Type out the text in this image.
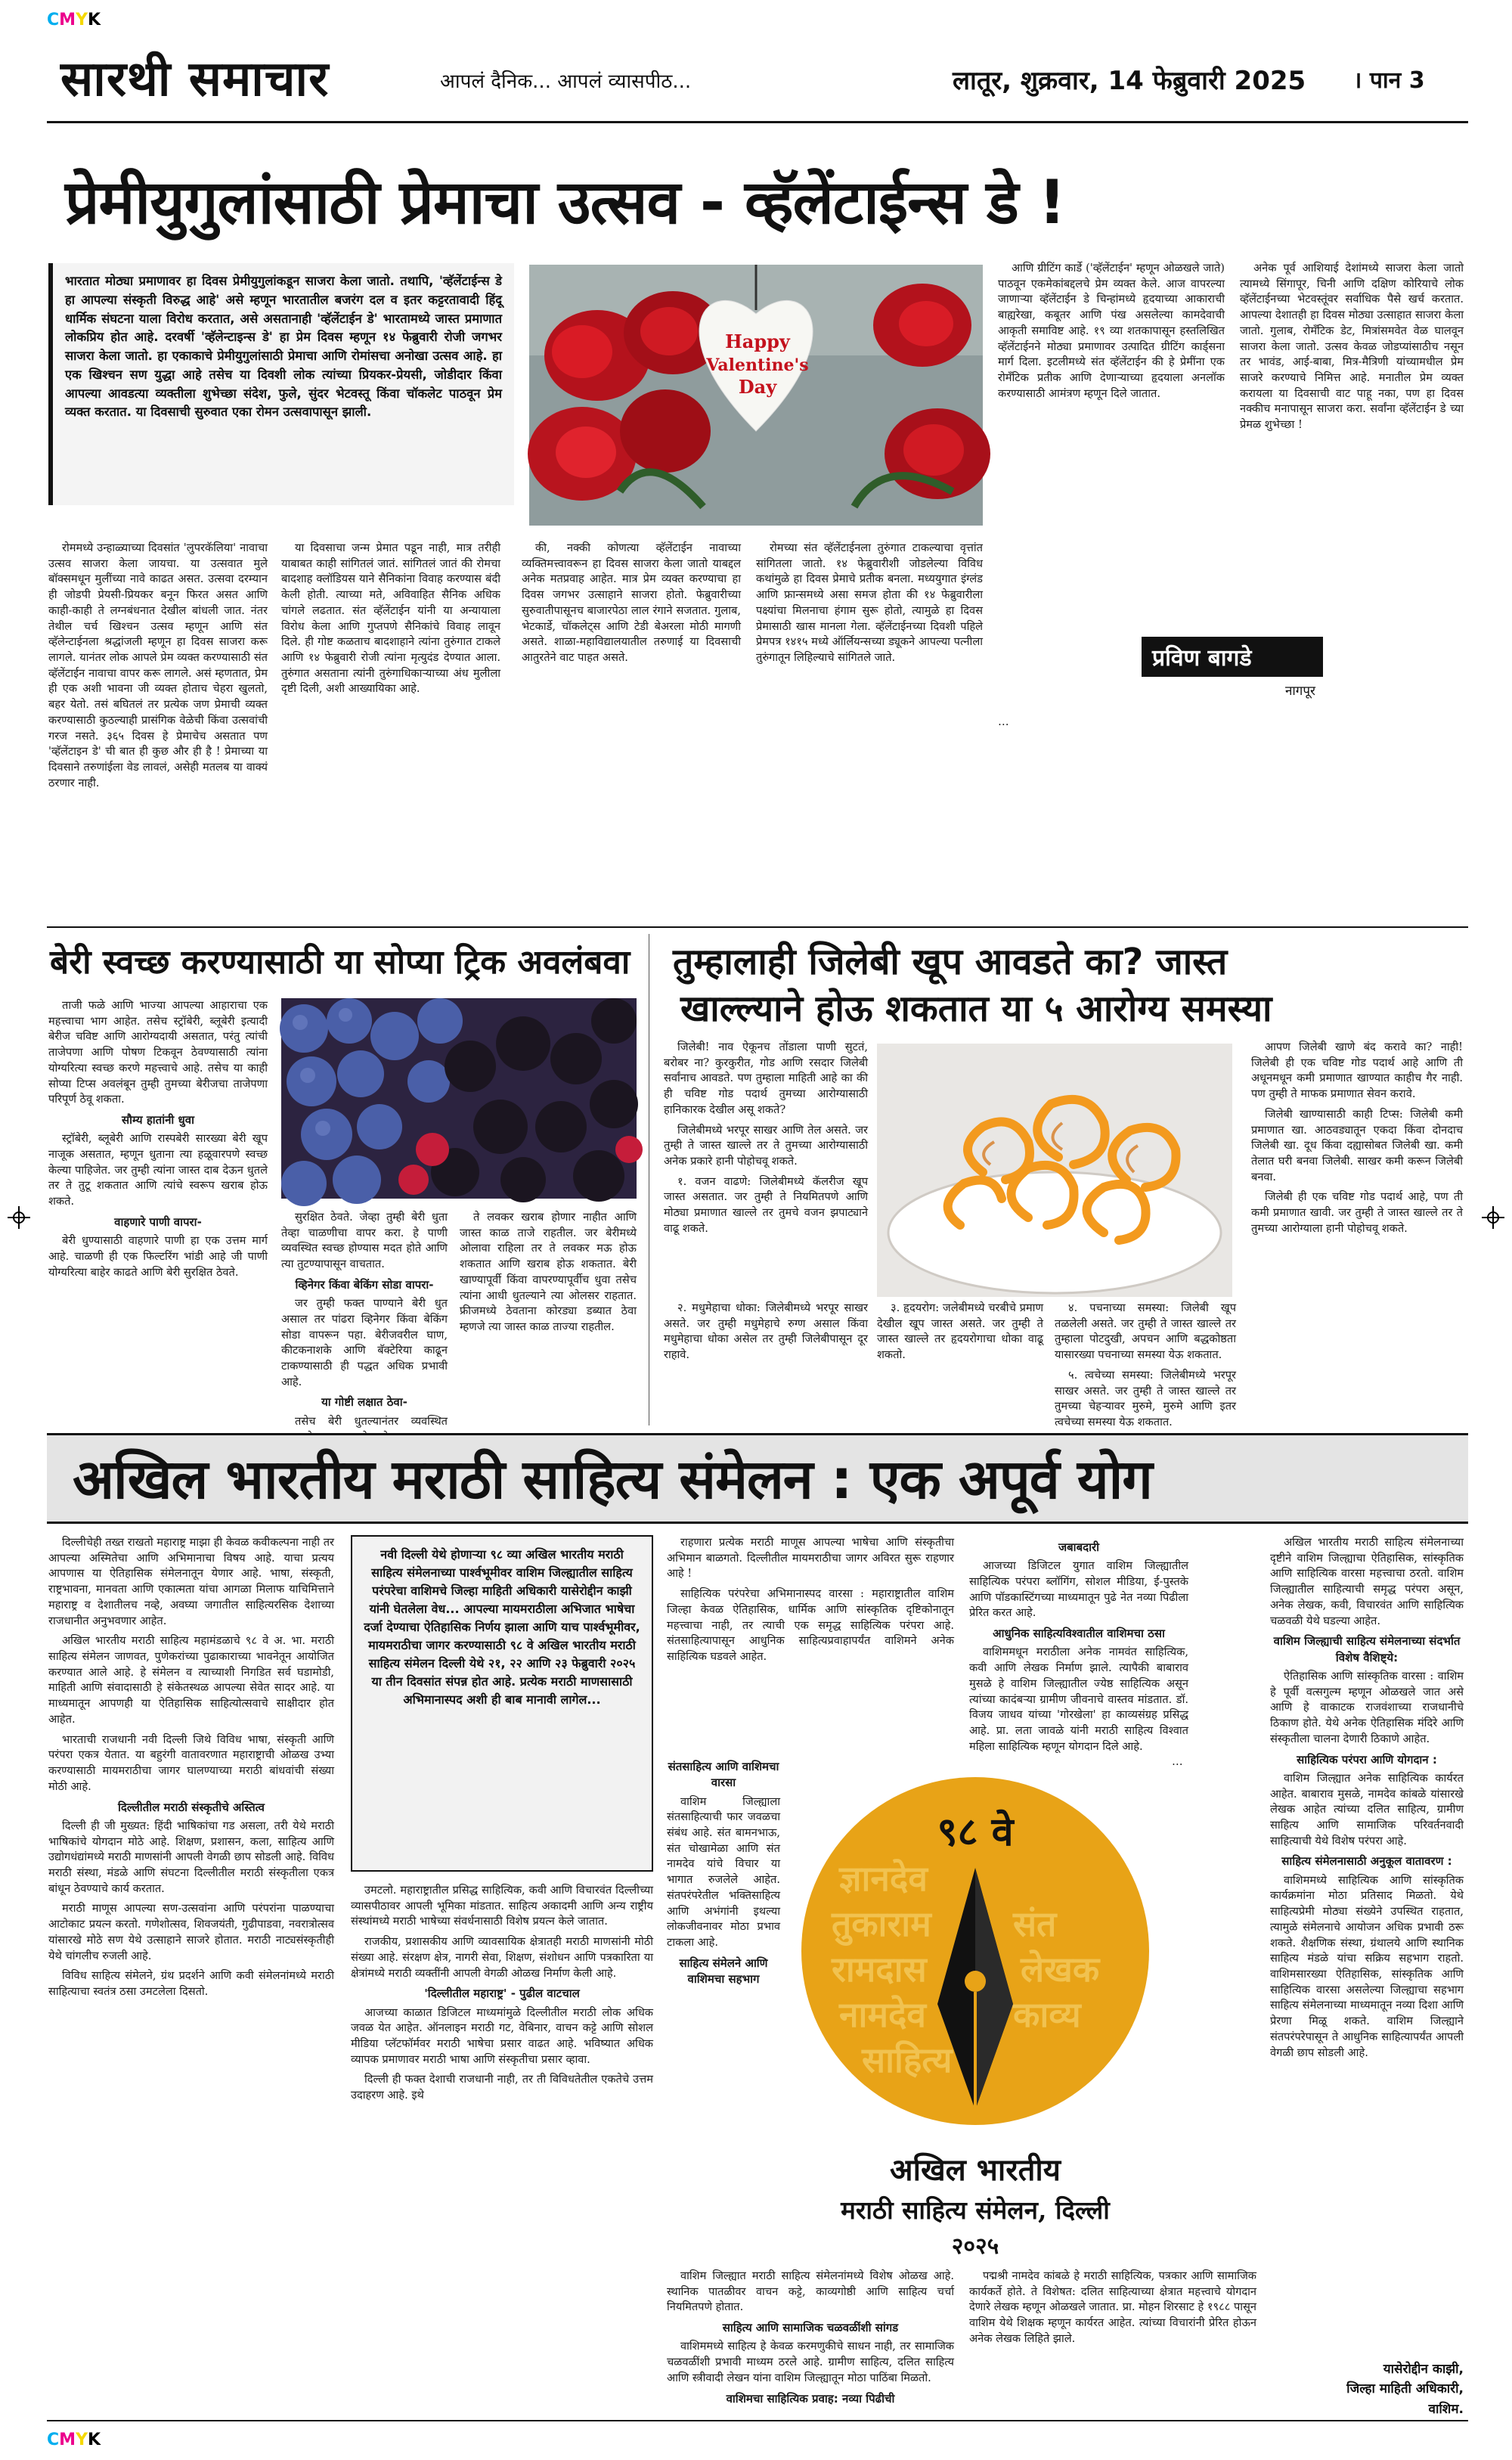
CMYK
CMYK
सारथी समाचार	आपलं दैनिक... आपलं व्यासपीठ...	लातूर, शुक्रवार, 14 फेब्रुवारी 2025 । पान 3
प्रेमीयुगुलांसाठी प्रेमाचा उत्सव - व्हॅलेंटाईन्स डे !
भारतात मोठ्या प्रमाणावर हा दिवस प्रेमीयुगुलांकडून साजरा केला जातो. तथापि, 'व्हॅलेंटाईन्स डे हा आपल्या संस्कृती विरुद्ध आहे' असे म्हणून भारतातील बजरंग दल व इतर कट्टरतावादी हिंदू धार्मिक संघटना याला विरोध करतात, असे असतानाही 'व्हॅलेंटाईन डे' भारतामध्ये जास्त प्रमाणात लोकप्रिय होत आहे. दरवर्षी 'व्हॅलेन्टाइन्स डे' हा प्रेम दिवस म्हणून १४ फेब्रुवारी रोजी जगभर साजरा केला जातो. हा एकाकाचे प्रेमीयुगुलांसाठी प्रेमाचा आणि रोमांसचा अनोखा उत्सव आहे. हा एक खिश्चन सण युद्धा आहे तसेच या दिवशी लोक त्यांच्या प्रियकर-प्रेयसी, जोडीदार किंवा आपल्या आवडत्या व्यक्तीला शुभेच्छा संदेश, फुले, सुंदर भेटवस्तू किंवा चॉकलेट पाठवून प्रेम व्यक्त करतात. या दिवसाची सुरुवात एका रोमन उत्सवापासून झाली.
Happy
Valentine's
Day

आणि ग्रीटिंग कार्डे ('व्हॅलेंटाईन' म्हणून ओळखले जाते) पाठवून एकमेकांबद्दलचे प्रेम व्यक्त केले. आज वापरल्या जाणाऱ्या व्हॅलेंटाईन डे चिन्हांमध्ये हृदयाच्या आकाराची बाह्यरेखा, कबूतर आणि पंख असलेल्या कामदेवाची आकृती समाविष्ट आहे. १९ व्या शतकापासून हस्तलिखित व्हॅलेंटाईनने मोठ्या प्रमाणावर उत्पादित ग्रीटिंग कार्ड्सना मार्ग दिला. इटलीमध्ये संत व्हॅलेंटाईन की हे प्रेमींना एक रोमँटिक प्रतीक आणि देणाऱ्याच्या हृदयाला अनलॉक करण्यासाठी आमंत्रण म्हणून दिले जातात.

अनेक पूर्व आशियाई देशांमध्ये साजरा केला जातो त्यामध्ये सिंगापूर, चिनी आणि दक्षिण कोरियाचे लोक व्हॅलेंटाईनच्या भेटवस्तूंवर सर्वाधिक पैसे खर्च करतात. आपल्या देशातही हा दिवस मोठ्या उत्साहात साजरा केला जातो. गुलाब, रोमँटिक डेट, मित्रांसमवेत वेळ घालवून साजरा केला जातो. उत्सव केवळ जोडप्यांसाठीच नसून तर भावंड, आई-बाबा, मित्र-मैत्रिणी यांच्यामधील प्रेम साजरे करण्याचे निमित्त आहे. मनातील प्रेम व्यक्त करायला या दिवसाची वाट पाहू नका, पण हा दिवस नक्कीच मनापासून साजरा करा. सर्वांना व्हॅलेंटाईन डे च्या प्रेमळ शुभेच्छा !

प्रविण बागडे
नागपूर

रोममध्ये उन्हाळ्याच्या दिवसांत 'लुपरकॅलिया' नावाचा उत्सव साजरा केला जायचा. या उत्सवात मुले बॉक्समधून मुलींच्या नावे काढत असत. उत्सवा दरम्यान ही जोडपी प्रेयसी-प्रियकर बनून फिरत असत आणि काही-काही ते लग्नबंधनात देखील बांधली जात. नंतर तेथील चर्च खिश्चन उत्सव म्हणून आणि संत व्हॅलेन्टाईनला श्रद्धांजली म्हणून हा दिवस साजरा करू लागले. यानंतर लोक आपले प्रेम व्यक्त करण्यासाठी संत व्हॅलेंटाईन नावाचा वापर करू लागले. असं म्हणतात, प्रेम ही एक अशी भावना जी व्यक्त होताच चेहरा खुलतो, बहर येतो. तसं बघितलं तर प्रत्येक जण प्रेमाची व्यक्त करण्यासाठी कुठल्याही प्रासंगिक वेळेची किंवा उत्सवांची गरज नसते. ३६५ दिवस हे प्रेमाचेच असतात पण 'व्हॅलेंटाइन डे' ची बात ही कुछ और ही है ! प्रेमाच्या या दिवसाने तरुणांईला वेड लावलं, असेही मतलब या वाक्यं ठरणार नाही.

या दिवसाचा जन्म प्रेमात पडून नाही, मात्र तरीही याबाबत काही सांगितलं जातं. सांगितलं जातं की रोमचा बादशाह क्लॉडियस याने सैनिकांना विवाह करण्यास बंदी केली होती. त्याच्या मते, अविवाहित सैनिक अधिक चांगले लढतात. संत व्हॅलेंटाईन यांनी या अन्यायाला विरोध केला आणि गुप्तपणे सैनिकांचे विवाह लावून दिले. ही गोष्ट कळताच बादशाहाने त्यांना तुरुंगात टाकले आणि १४ फेब्रुवारी रोजी त्यांना मृत्युदंड देण्यात आला. तुरुंगात असताना त्यांनी तुरुंगाधिकाऱ्याच्या अंध मुलीला दृष्टी दिली, अशी आख्यायिका आहे.

की, नक्की कोणत्या व्हॅलेंटाईन नावाच्या व्यक्तिमत्त्वावरून हा दिवस साजरा केला जातो याबद्दल अनेक मतप्रवाह आहेत. मात्र प्रेम व्यक्त करण्याचा हा दिवस जगभर उत्साहाने साजरा होतो. फेब्रुवारीच्या सुरुवातीपासूनच बाजारपेठा लाल रंगाने सजतात. गुलाब, भेटकार्डे, चॉकलेट्स आणि टेडी बेअरला मोठी मागणी असते. शाळा-महाविद्यालयातील तरुणाई या दिवसाची आतुरतेने वाट पाहत असते.

रोमच्या संत व्हॅलेंटाईनला तुरुंगात टाकल्याचा वृत्तांत सांगितला जातो. १४ फेब्रुवारीशी जोडलेल्या विविध कथांमुळे हा दिवस प्रेमाचे प्रतीक बनला. मध्ययुगात इंग्लंड आणि फ्रान्समध्ये असा समज होता की १४ फेब्रुवारीला पक्ष्यांचा मिलनाचा हंगाम सुरू होतो, त्यामुळे हा दिवस प्रेमासाठी खास मानला गेला. व्हॅलेंटाईनच्या दिवशी पहिले प्रेमपत्र १४१५ मध्ये ऑर्लियन्सच्या ड्यूकने आपल्या पत्नीला तुरुंगातून लिहिल्याचे सांगितले जाते.

…

बेरी स्वच्छ करण्यासाठी या सोप्या ट्रिक अवलंबवा

ताजी फळे आणि भाज्या आपल्या आहाराचा एक महत्त्वाचा भाग आहेत. तसेच स्ट्रॉबेरी, ब्लूबेरी इत्यादी बेरीज चविष्ट आणि आरोग्यदायी असतात, परंतु त्यांची ताजेपणा आणि पोषण टिकवून ठेवण्यासाठी त्यांना योग्यरित्या स्वच्छ करणे महत्त्वाचे आहे. तसेच या काही सोप्या टिप्स अवलंबून तुम्ही तुमच्या बेरीजचा ताजेपणा परिपूर्ण ठेवू शकता.

सौम्य हातांनी धुवा

स्ट्रॉबेरी, ब्लूबेरी आणि रास्पबेरी सारख्या बेरी खूप नाजूक असतात, म्हणून धुताना त्या हळूवारपणे स्वच्छ केल्या पाहिजेत. जर तुम्ही त्यांना जास्त दाब देऊन धुतले तर ते तुटू शकतात आणि त्यांचे स्वरूप खराब होऊ शकते.

वाहणारे पाणी वापरा-

बेरी धुण्यासाठी वाहणारे पाणी हा एक उत्तम मार्ग आहे. चाळणी ही एक फिल्टरिंग भांडी आहे जी पाणी योग्यरित्या बाहेर काढते आणि बेरी सुरक्षित ठेवते.

सुरक्षित ठेवते. जेव्हा तुम्ही बेरी धुता तेव्हा चाळणीचा वापर करा. हे पाणी व्यवस्थित स्वच्छ होण्यास मदत होते आणि त्या तुटण्यापासून वाचतात.

व्हिनेगर किंवा बेकिंग सोडा वापरा-

जर तुम्ही फक्त पाण्याने बेरी धुत असाल तर पांढरा व्हिनेगर किंवा बेकिंग सोडा वापरून पहा. बेरीजवरील घाण, कीटकनाशके आणि बॅक्टेरिया काढून टाकण्यासाठी ही पद्धत अधिक प्रभावी आहे.

या गोष्टी लक्षात ठेवा-

तसेच बेरी धुतल्यानंतर व्यवस्थित

ते लवकर खराब होणार नाहीत आणि जास्त काळ ताजे राहतील. जर बेरीमध्ये ओलावा राहिला तर ते लवकर मऊ होऊ शकतात आणि खराब होऊ शकतात. बेरी खाण्यापूर्वी किंवा वापरण्यापूर्वीच धुवा तसेच त्यांना आधी धुतल्याने त्या ओलसर राहतात. फ्रीजमध्ये ठेवताना कोरड्या डब्यात ठेवा म्हणजे त्या जास्त काळ ताज्या राहतील.

तुम्हालाही जिलेबी खूप आवडते का? जास्त
खाल्ल्याने होऊ शकतात या ५ आरोग्य समस्या

जिलेबी! नाव ऐकूनच तोंडाला पाणी सुटतं, बरोबर ना? कुरकुरीत, गोड आणि रसदार जिलेबी सर्वांनाच आवडते. पण तुम्हाला माहिती आहे का की ही चविष्ट गोड पदार्थ तुमच्या आरोग्यासाठी हानिकारक देखील असू शकते?

जिलेबीमध्ये भरपूर साखर आणि तेल असते. जर तुम्ही ते जास्त खाल्ले तर ते तुमच्या आरोग्यासाठी अनेक प्रकारे हानी पोहोचवू शकते.

१. वजन वाढणे: जिलेबीमध्ये कॅलरीज खूप जास्त असतात. जर तुम्ही ते नियमितपणे आणि मोठ्या प्रमाणात खाल्ले तर तुमचे वजन झपाट्याने वाढू शकते.

आपण जिलेबी खाणे बंद करावे का? नाही! जिलेबी ही एक चविष्ट गोड पदार्थ आहे आणि ती अधूनमधून कमी प्रमाणात खाण्यात काहीच गैर नाही. पण तुम्ही ते माफक प्रमाणात सेवन करावे.

जिलेबी खाण्यासाठी काही टिप्स: जिलेबी कमी प्रमाणात खा. आठवड्यातून एकदा किंवा दोनदाच जिलेबी खा. दूध किंवा दह्यासोबत जिलेबी खा. कमी तेलात घरी बनवा जिलेबी. साखर कमी करून जिलेबी बनवा.

जिलेबी ही एक चविष्ट गोड पदार्थ आहे, पण ती कमी प्रमाणात खावी. जर तुम्ही ते जास्त खाल्ले तर ते तुमच्या आरोग्याला हानी पोहोचवू शकते.

२. मधुमेहाचा धोका: जिलेबीमध्ये भरपूर साखर असते. जर तुम्ही मधुमेहाचे रुग्ण असाल किंवा मधुमेहाचा धोका असेल तर तुम्ही जिलेबीपासून दूर राहावे.

३. हृदयरोग: जलेबीमध्ये चरबीचे प्रमाण देखील खूप जास्त असते. जर तुम्ही ते जास्त खाल्ले तर हृदयरोगाचा धोका वाढू शकतो.

४. पचनाच्या समस्या: जिलेबी खूप तळलेली असते. जर तुम्ही ते जास्त खाल्ले तर तुम्हाला पोटदुखी, अपचन आणि बद्धकोष्ठता यासारख्या पचनाच्या समस्या येऊ शकतात.

५. त्वचेच्या समस्या: जिलेबीमध्ये भरपूर साखर असते. जर तुम्ही ते जास्त खाल्ले तर तुमच्या चेहऱ्यावर मुरुमे, मुरुमे आणि इतर त्वचेच्या समस्या येऊ शकतात.

अखिल भारतीय मराठी साहित्य संमेलन : एक अपूर्व योग

दिल्लीचेही तख्त राखतो महाराष्ट्र माझा ही केवळ कवीकल्पना नाही तर आपल्या अस्मितेचा आणि अभिमानाचा विषय आहे. याचा प्रत्यय आपणास या ऐतिहासिक संमेलनातून येणार आहे. भाषा, संस्कृती, राष्ट्रभावना, मानवता आणि एकात्मता यांचा आगळा मिलाफ याचिमित्ताने महाराष्ट्र व देशातीलच नव्हे, अवघ्या जगातील साहित्यरसिक देशाच्या राजधानीत अनुभवणार आहेत.

अखिल भारतीय मराठी साहित्य महामंडळाचे ९८ वे अ. भा. मराठी साहित्य संमेलन जाणवत, पुणेकरांच्या पुढाकाराच्या भावनेतून आयोजित करण्यात आले आहे. हे संमेलन व त्याच्याशी निगडित सर्व घडामोडी, माहिती आणि संवादासाठी हे संकेतस्थळ आपल्या सेवेत सादर आहे. या माध्यमातून आपणही या ऐतिहासिक साहित्योत्सवाचे साक्षीदार होत आहेत.

भारताची राजधानी नवी दिल्ली जिथे विविध भाषा, संस्कृती आणि परंपरा एकत्र येतात. या बहुरंगी वातावरणात महाराष्ट्राची ओळख उभ्या करण्यासाठी मायमराठीचा जागर घालण्याच्या मराठी बांधवांची संख्या मोठी आहे.

दिल्लीतील मराठी संस्कृतीचे अस्तित्व

दिल्ली ही जी मुख्यत: हिंदी भाषिकांचा गड असला, तरी येथे मराठी भाषिकांचे योगदान मोठे आहे. शिक्षण, प्रशासन, कला, साहित्य आणि उद्योगधंद्यांमध्ये मराठी माणसांनी आपली वेगळी छाप सोडली आहे. विविध मराठी संस्था, मंडळे आणि संघटना दिल्लीतील मराठी संस्कृतीला एकत्र बांधून ठेवण्याचे कार्य करतात.

मराठी माणूस आपल्या सण-उत्सवांना आणि परंपरांना पाळण्याचा आटोकाट प्रयत्न करतो. गणेशोत्सव, शिवजयंती, गुढीपाडवा, नवरात्रोत्सव यांसारखे मोठे सण येथे उत्साहाने साजरे होतात. मराठी नाट्यसंस्कृतीही येथे चांगलीच रुजली आहे.

विविध साहित्य संमेलने, ग्रंथ प्रदर्शने आणि कवी संमेलनांमध्ये मराठी साहित्याचा स्वतंत्र ठसा उमटलेला दिसतो.

नवी दिल्ली येथे होणाऱ्या ९८ व्या अखिल भारतीय मराठी साहित्य संमेलनाच्या पार्श्वभूमीवर वाशिम जिल्ह्यातील साहित्य परंपरेचा वाशिमचे जिल्हा माहिती अधिकारी यासेरोद्दीन काझी यांनी घेतलेला वेध... आपल्या मायमराठीला अभिजात भाषेचा दर्जा देण्याचा ऐतिहासिक निर्णय झाला आणि याच पार्श्वभूमीवर, मायमराठीचा जागर करण्यासाठी ९८ वे अखिल भारतीय मराठी साहित्य संमेलन दिल्ली येथे २१, २२ आणि २३ फेब्रुवारी २०२५ या तीन दिवसांत संपन्न होत आहे. प्रत्येक मराठी माणसासाठी अभिमानास्पद अशी ही बाब मानावी लागेल...

उमटलो. महाराष्ट्रातील प्रसिद्ध साहित्यिक, कवी आणि विचारवंत दिल्लीच्या व्यासपीठावर आपली भूमिका मांडतात. साहित्य अकादमी आणि अन्य राष्ट्रीय संस्थांमध्ये मराठी भाषेच्या संवर्धनासाठी विशेष प्रयत्न केले जातात.

राजकीय, प्रशासकीय आणि व्यावसायिक क्षेत्रातही मराठी माणसांनी मोठी संख्या आहे. संरक्षण क्षेत्र, नागरी सेवा, शिक्षण, संशोधन आणि पत्रकारिता या क्षेत्रांमध्ये मराठी व्यक्तींनी आपली वेगळी ओळख निर्माण केली आहे.

'दिल्लीतील महाराष्ट्र' - पुढील वाटचाल

आजच्या काळात डिजिटल माध्यमांमुळे दिल्लीतील मराठी लोक अधिक जवळ येत आहेत. ऑनलाइन मराठी गट, वेबिनार, वाचन कट्टे आणि सोशल मीडिया प्लॅटफॉर्मवर मराठी भाषेचा प्रसार वाढत आहे. भविष्यात अधिक व्यापक प्रमाणावर मराठी भाषा आणि संस्कृतीचा प्रसार व्हावा.

दिल्ली ही फक्त देशाची राजधानी नाही, तर ती विविधतेतील एकतेचे उत्तम उदाहरण आहे. इथे

राहणारा प्रत्येक मराठी माणूस आपल्या भाषेचा आणि संस्कृतीचा अभिमान बाळगतो. दिल्लीतील मायमराठीचा जागर अविरत सुरू राहणार आहे !

साहित्यिक परंपरेचा अभिमानास्पद वारसा : महाराष्ट्रातील वाशिम जिल्हा केवळ ऐतिहासिक, धार्मिक आणि सांस्कृतिक दृष्टिकोनातून महत्त्वाचा नाही, तर त्याची एक समृद्ध साहित्यिक परंपरा आहे. संतसाहित्यापासून आधुनिक साहित्यप्रवाहापर्यंत वाशिमने अनेक साहित्यिक घडवले आहेत.

संतसाहित्य आणि वाशिमचा वारसा

वाशिम जिल्ह्याला संतसाहित्याची फार जवळचा संबंध आहे. संत बामनभाऊ, संत चोखामेळा आणि संत नामदेव यांचे विचार या भागात रुजलेले आहेत. संतपरंपरेतील भक्तिसाहित्य आणि अभंगांनी इथल्या लोकजीवनावर मोठा प्रभाव टाकला आहे.

साहित्य संमेलने आणि वाशिमचा सहभाग

वाशिम जिल्ह्यात मराठी साहित्य संमेलनांमध्ये विशेष ओळख आहे. स्थानिक पातळीवर वाचन कट्टे, काव्यगोष्ठी आणि साहित्य चर्चा नियमितपणे होतात.

साहित्य आणि सामाजिक चळवळींशी सांगड

वाशिममध्ये साहित्य हे केवळ करमणुकीचे साधन नाही, तर सामाजिक चळवळींशी प्रभावी माध्यम ठरले आहे. ग्रामीण साहित्य, दलित साहित्य आणि स्त्रीवादी लेखन यांना वाशिम जिल्ह्यातून मोठा पाठिंबा मिळतो.

वाशिमचा साहित्यिक प्रवाह: नव्या पिढीची
ज्ञानदेव
तुकाराम
रामदास
नामदेव
साहित्य
संत
लेखक
काव्य
९८ वे
अखिल भारतीय
मराठी साहित्य संमेलन, दिल्ली
२०२५
जबाबदारी

आजच्या डिजिटल युगात वाशिम जिल्ह्यातील साहित्यिक परंपरा ब्लॉगिंग, सोशल मीडिया, ई-पुस्तके आणि पॉडकास्टिंगच्या माध्यमातून पुढे नेत नव्या पिढीला प्रेरित करत आहे.

आधुनिक साहित्यविश्वातील वाशिमचा ठसा

वाशिममधून मराठीला अनेक नामवंत साहित्यिक, कवी आणि लेखक निर्माण झाले. त्यापैकी बाबाराव मुसळे हे वाशिम जिल्ह्यातील ज्येष्ठ साहित्यिक असून त्यांच्या कादंबऱ्या ग्रामीण जीवनाचे वास्तव मांडतात. डॉ. विजय जाधव यांच्या 'गोरखेला' हा काव्यसंग्रह प्रसिद्ध आहे. प्रा. लता जावळे यांनी मराठी साहित्य विश्वात महिला साहित्यिक म्हणून योगदान दिले आहे.

…

पद्मश्री नामदेव कांबळे हे मराठी साहित्यिक, पत्रकार आणि सामाजिक कार्यकर्ते होते. ते विशेषत: दलित साहित्याच्या क्षेत्रात महत्त्वाचे योगदान देणारे लेखक म्हणून ओळखले जातात. प्रा. मोहन शिरसाट हे १९८८ पासून वाशिम येथे शिक्षक म्हणून कार्यरत आहेत. त्यांच्या विचारांनी प्रेरित होऊन अनेक लेखक लिहिते झाले.

अखिल भारतीय मराठी साहित्य संमेलनाच्या दृष्टीने वाशिम जिल्ह्याचा ऐतिहासिक, सांस्कृतिक आणि साहित्यिक वारसा महत्त्वाचा ठरतो. वाशिम जिल्ह्यातील साहित्याची समृद्ध परंपरा असून, अनेक लेखक, कवी, विचारवंत आणि साहित्यिक चळवळी येथे घडल्या आहेत.

वाशिम जिल्ह्याची साहित्य संमेलनाच्या संदर्भात विशेष वैशिष्ट्ये:

ऐतिहासिक आणि सांस्कृतिक वारसा : वाशिम हे पूर्वी वत्सगुल्म म्हणून ओळखले जात असे आणि हे वाकाटक राजवंशाच्या राजधानीचे ठिकाण होते. येथे अनेक ऐतिहासिक मंदिरे आणि संस्कृतीला चालना देणारी ठिकाणे आहेत.

साहित्यिक परंपरा आणि योगदान :

वाशिम जिल्ह्यात अनेक साहित्यिक कार्यरत आहेत. बाबाराव मुसळे, नामदेव कांबळे यांसारखे लेखक आहेत त्यांच्या दलित साहित्य, ग्रामीण साहित्य आणि सामाजिक परिवर्तनवादी साहित्याची येथे विशेष परंपरा आहे.

साहित्य संमेलनासाठी अनुकूल वातावरण :

वाशिममध्ये साहित्यिक आणि सांस्कृतिक कार्यक्रमांना मोठा प्रतिसाद मिळतो. येथे साहित्यप्रेमी मोठ्या संख्येने उपस्थित राहतात, त्यामुळे संमेलनाचे आयोजन अधिक प्रभावी ठरू शकते. शैक्षणिक संस्था, ग्रंथालये आणि स्थानिक साहित्य मंडळे यांचा सक्रिय सहभाग राहतो. वाशिमसारख्या ऐतिहासिक, सांस्कृतिक आणि साहित्यिक वारसा असलेल्या जिल्ह्याचा सहभाग साहित्य संमेलनाच्या माध्यमातून नव्या दिशा आणि प्रेरणा मिळू शकते. वाशिम जिल्ह्याने संतपरंपरेपासून ते आधुनिक साहित्यापर्यंत आपली वेगळी छाप सोडली आहे.

यासेरोद्दीन काझी,
जिल्हा माहिती अधिकारी,
वाशिम.
